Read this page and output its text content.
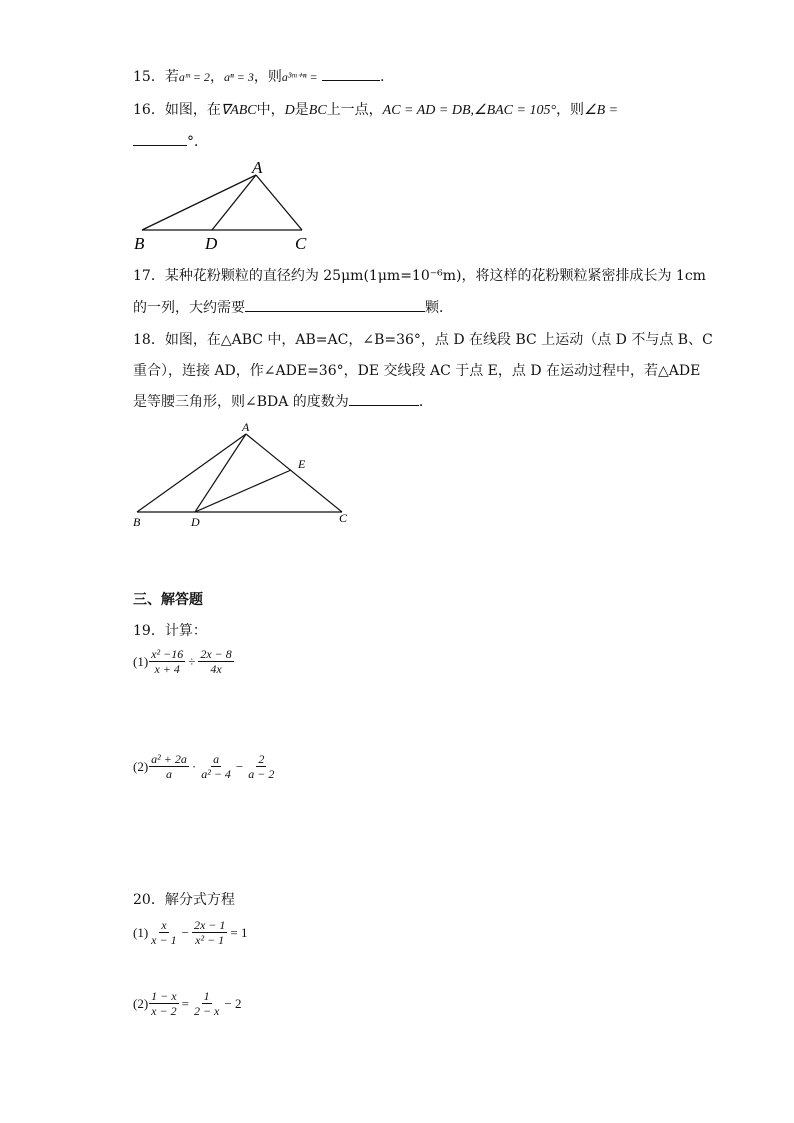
15．若aᵐ = 2，aⁿ = 3，则a³ᵐ⁺ⁿ =	．
16．如图，在∇ABC中，D是BC上一点，AC = AD = DB,∠BAC = 105°，则∠B =
°．
A
B	D	C
17．某种花粉颗粒的直径约为 25μm(1μm=10⁻⁶m)，将这样的花粉颗粒紧密排成长为 1cm
的一列，大约需要	颗．
18．如图，在△ABC 中，AB=AC，∠B=36°，点 D 在线段 BC 上运动（点 D 不与点 B、C
重合），连接 AD，作∠ADE=36°，DE 交线段 AC 于点 E，点 D 在运动过程中，若△ADE
是等腰三角形，则∠BDA 的度数为	．
A
E
B	D	C
三、解答题
19．计算：
$(1) \frac{\text{x² −16}}{x + 4} \div \frac{2x - 8}{4x}$
$(2) \frac{\text{a² + 2a}}{a} \cdot \frac{a}{\text{a² − 4}} - \frac{2}{a - 2}$
20．解分式方程
$(1) \frac{x}{x - 1} - \frac{2x - 1}{\text{x² − 1}} = 1$
$(2) \frac{1 - x}{x - 2} = \frac{1}{2 - x} - 2$
